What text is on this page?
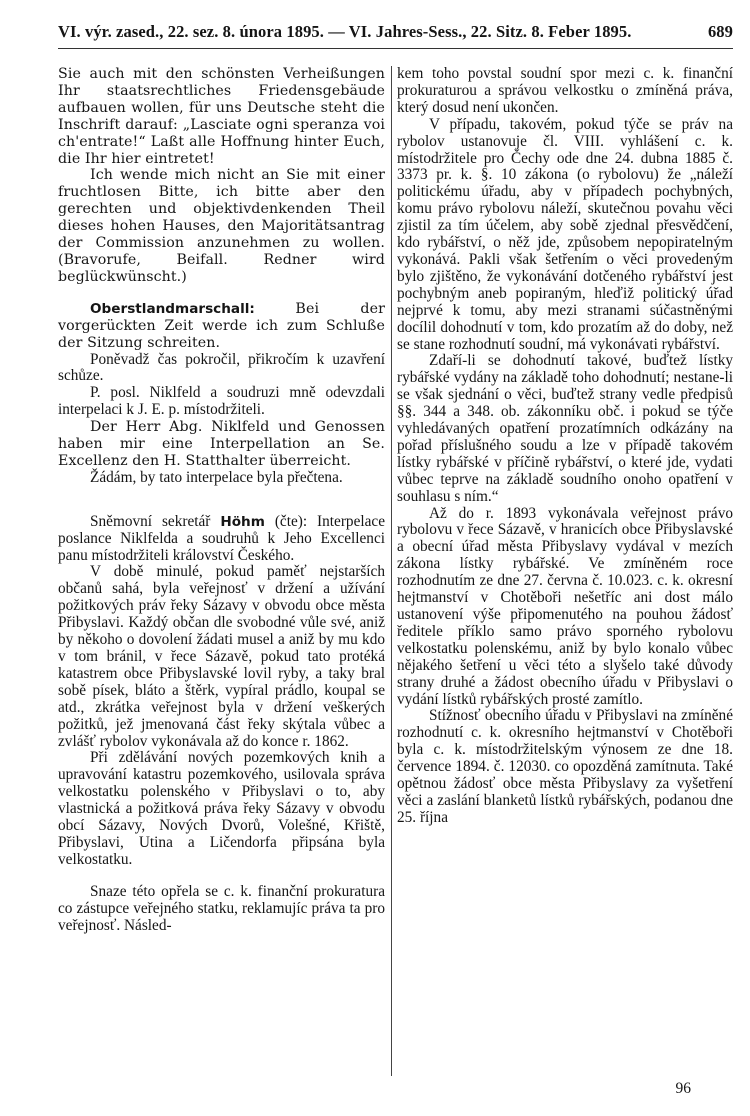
VI. výr. zased., 22. sez. 8. února 1895. — VI. Jahres-Sess., 22. Sitz. 8. Feber 1895.	689

Sie auch mit den schönsten Verheißungen Ihr staatsrechtliches Friedensgebäude aufbauen wollen, für uns Deutsche steht die Inschrift darauf: „Lasciate ogni speranza voi ch'entrate!“ Laßt alle Hoffnung hinter Euch, die Ihr hier eintretet!

Ich wende mich nicht an Sie mit einer fruchtlosen Bitte, ich bitte aber den gerechten und objektivdenkenden Theil dieses hohen Hauses, den Majoritätsantrag der Commission anzunehmen zu wollen. (Bravorufe, Beifall. Redner wird beglückwünscht.)

Oberstlandmarschall:	Bei der vorgerückten Zeit werde ich zum Schluße der Sitzung schreiten.

Poněvadž čas pokročil, přikročím k uzavření schůze.

P. posl. Niklfeld a soudruzi mně odevzdali interpelaci k J. E. p. místodržiteli.

Der Herr Abg. Niklfeld und Genossen haben mir eine Interpellation an Se. Excellenz den H. Statthalter überreicht.

Žádám, by tato interpelace byla přečtena.

Sněmovní sekretář Höhm (čte): Interpelace poslance Niklfelda a soudruhů k Jeho Excellenci panu místodržiteli království Českého.

V době minulé, pokud paměť nejstarších občanů sahá, byla veřejnosť v držení a užívání požitkových práv řeky Sázavy v obvodu obce města Přibyslavi. Každý občan dle svobodné vůle své, aniž by někoho o dovolení žádati musel a aniž by mu kdo v tom bránil, v řece Sázavě, pokud tato protéká katastrem obce Přibyslavské lovil ryby, a taky bral sobě písek, bláto a štěrk, vypíral prádlo, koupal se atd., zkrátka veřejnost byla v držení veškerých požitků, jež jmenovaná část řeky skýtala vůbec a zvlášť rybolov vykonávala až do konce r. 1862.

Při zdělávání nových pozemkových knih a upravování katastru pozemkového, usilovala správa velkostatku polenského v Přibyslavi o to, aby vlastnická a požitková práva řeky Sázavy v obvodu obcí Sázavy, Nových Dvorů, Volešné, Křiště, Přibyslavi, Utina a Ličendorfa připsána byla velkostatku.

Snaze této opřela se c. k. finanční prokuratura co zástupce veřejného statku, reklamujíc práva ta pro veřejnosť. Násled-

kem toho povstal soudní spor mezi c. k. finanční prokuraturou a správou velkostku o zmíněná práva, který dosud není ukončen.

V případu, takovém, pokud týče se práv na rybolov ustanovuje čl. VIII. vyhlášení c. k. místodržitele pro Čechy ode dne 24. dubna 1885 č. 3373 pr. k. §. 10 zákona (o rybolovu) že „náleží politickému úřadu, aby v případech pochybných, komu právo rybolovu náleží, skutečnou povahu věci zjistil za tím účelem, aby sobě zjednal přesvědčení, kdo rybářství, o něž jde, způsobem nepopiratelným vykonává. Pakli však šetřením o věci provedeným bylo zjištěno, že vykonávání dotčeného rybářství jest pochybným aneb popiraným, hleďiž politický úřad nejprvé k tomu, aby mezi stranami súčastněnými docílil dohodnutí v tom, kdo prozatím až do doby, než se stane rozhodnutí soudní, má vykonávati rybářství.

Zdaří-li se dohodnutí takové, buďtež lístky rybářské vydány na základě toho dohodnutí; nestane-li se však sjednání o věci, buďtež strany vedle předpisů §§. 344 a 348. ob. zákonníku obč. i pokud se týče vyhledávaných opatření prozatímních odkázány na pořad příslušného soudu a lze v případě takovém lístky rybářské v příčině rybářství, o které jde, vydati vůbec teprve na základě soudního onoho opatření v souhlasu s ním.“

Až do r. 1893 vykonávala veřejnost právo rybolovu v řece Sázavě, v hranicích obce Přibyslavské a obecní úřad města Přibyslavy vydával v mezích zákona lístky rybářské. Ve zmíněném roce rozhodnutím ze dne 27. června č. 10.023. c. k. okresní hejtmanství v Chotěboři nešetříc ani dost málo ustanovení výše připomenutého na pouhou žádosť ředitele příklo samo právo sporného rybolovu velkostatku polenskému, aniž by bylo konalo vůbec nějakého šetření u věci této a slyšelo také důvody strany druhé a žádost obecního úřadu v Přibyslavi o vydání lístků rybářských prosté zamítlo.

Stížnosť obecního úřadu v Přibyslavi na zmíněné rozhodnutí c. k. okresního hejtmanství v Chotěboři byla c. k. místodržitelským výnosem ze dne 18. července 1894. č. 12030. co opozděná zamítnuta. Také opětnou žádosť obce města Přibyslavy za vyšetření věci a zaslání blanketů lístků rybářských, podanou dne 25. října

96
